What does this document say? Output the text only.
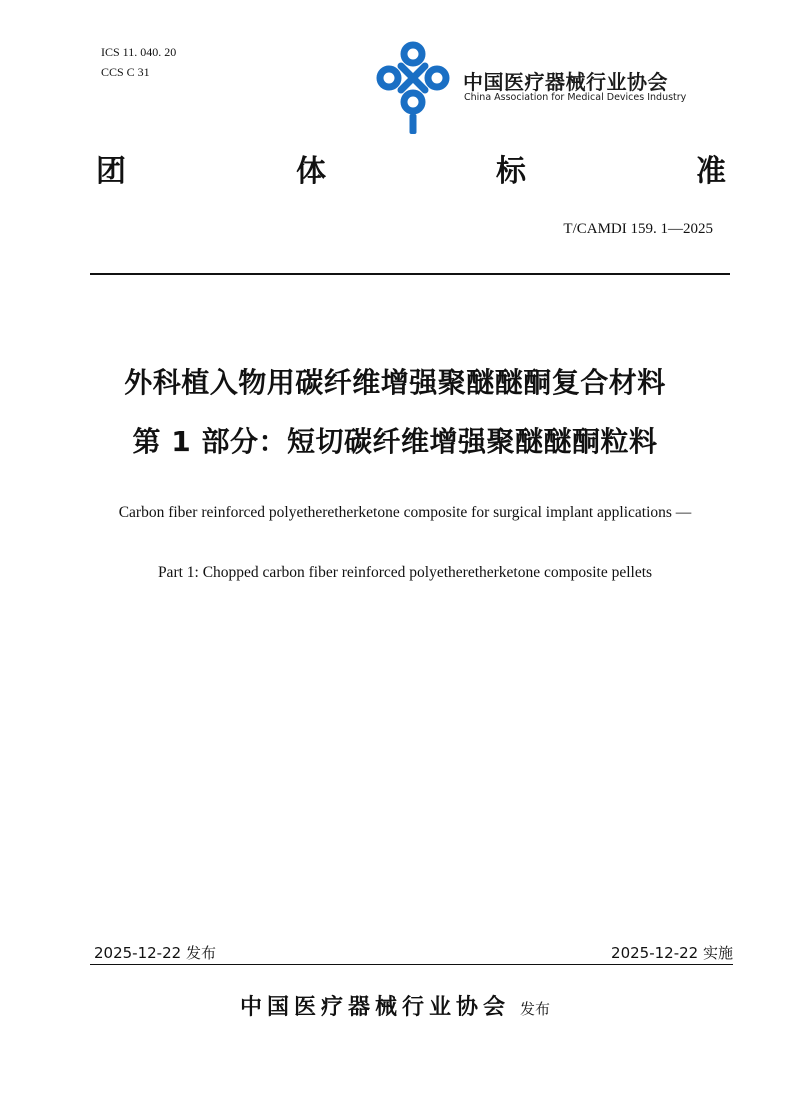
ICS 11. 040. 20
CCS C 31	中国医疗器械行业协会
China Association for Medical Devices Industry
团	体	标	准
T/CAMDI 159. 1—2025
外科植入物用碳纤维增强聚醚醚酮复合材料
第 1 部分：短切碳纤维增强聚醚醚酮粒料
Carbon fiber reinforced polyetheretherketone composite for surgical implant applications —
Part 1: Chopped carbon fiber reinforced polyetheretherketone composite pellets
2025-12-22 发布	2025-12-22 实施
中国医疗器械行业协会 发布
